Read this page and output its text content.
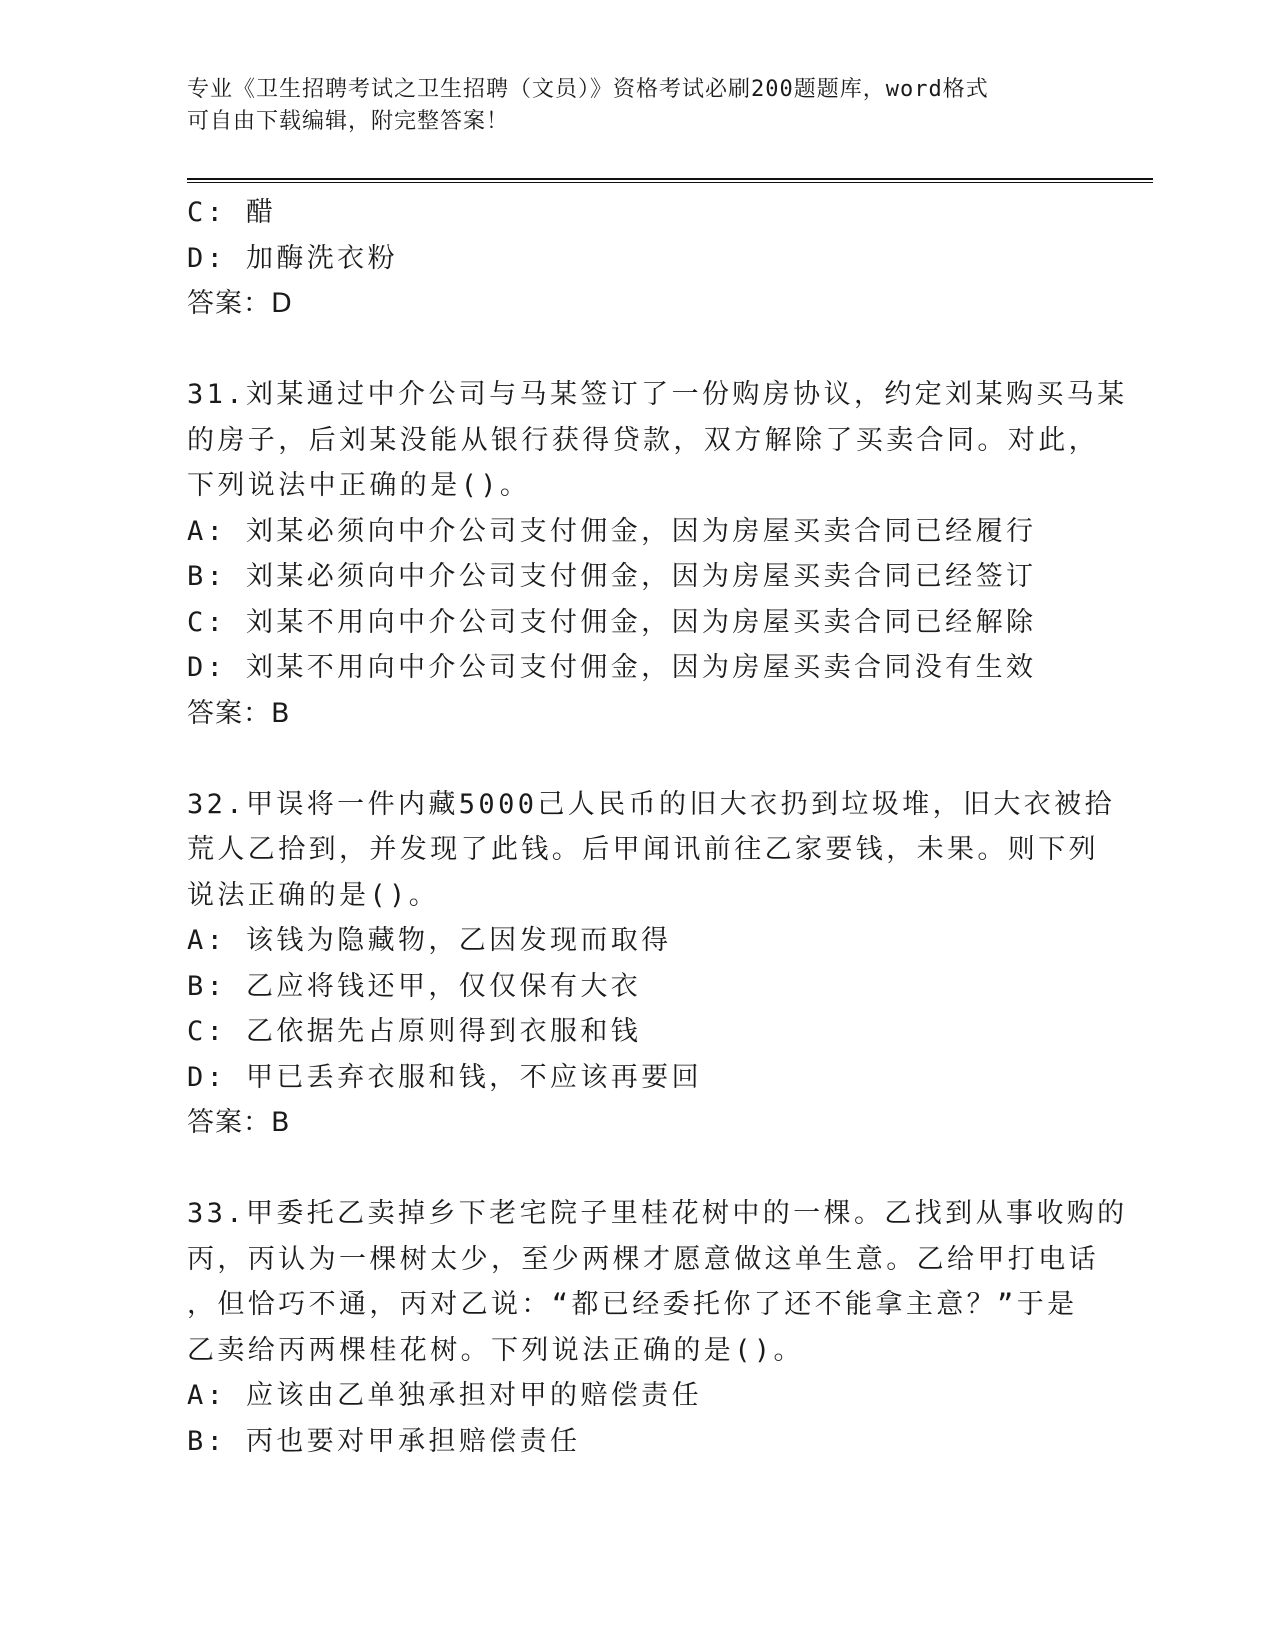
专业《卫生招聘考试之卫生招聘（文员）》资格考试必刷200题题库，word格式
可自由下载编辑，附完整答案！
C: 醋
D: 加酶洗衣粉
答案：D
31.刘某通过中介公司与马某签订了一份购房协议，约定刘某购买马某
的房子，后刘某没能从银行获得贷款，双方解除了买卖合同。对此，
下列说法中正确的是()。
A: 刘某必须向中介公司支付佣金，因为房屋买卖合同已经履行
B: 刘某必须向中介公司支付佣金，因为房屋买卖合同已经签订
C: 刘某不用向中介公司支付佣金，因为房屋买卖合同已经解除
D: 刘某不用向中介公司支付佣金，因为房屋买卖合同没有生效
答案：B
32.甲误将一件内藏5000己人民币的旧大衣扔到垃圾堆，旧大衣被拾
荒人乙拾到，并发现了此钱。后甲闻讯前往乙家要钱，未果。则下列
说法正确的是()。
A: 该钱为隐藏物，乙因发现而取得
B: 乙应将钱还甲，仅仅保有大衣
C: 乙依据先占原则得到衣服和钱
D: 甲已丢弃衣服和钱，不应该再要回
答案：B
33.甲委托乙卖掉乡下老宅院子里桂花树中的一棵。乙找到从事收购的
丙，丙认为一棵树太少，至少两棵才愿意做这单生意。乙给甲打电话
，但恰巧不通，丙对乙说：“都已经委托你了还不能拿主意？”于是
乙卖给丙两棵桂花树。下列说法正确的是()。
A: 应该由乙单独承担对甲的赔偿责任
B: 丙也要对甲承担赔偿责任
